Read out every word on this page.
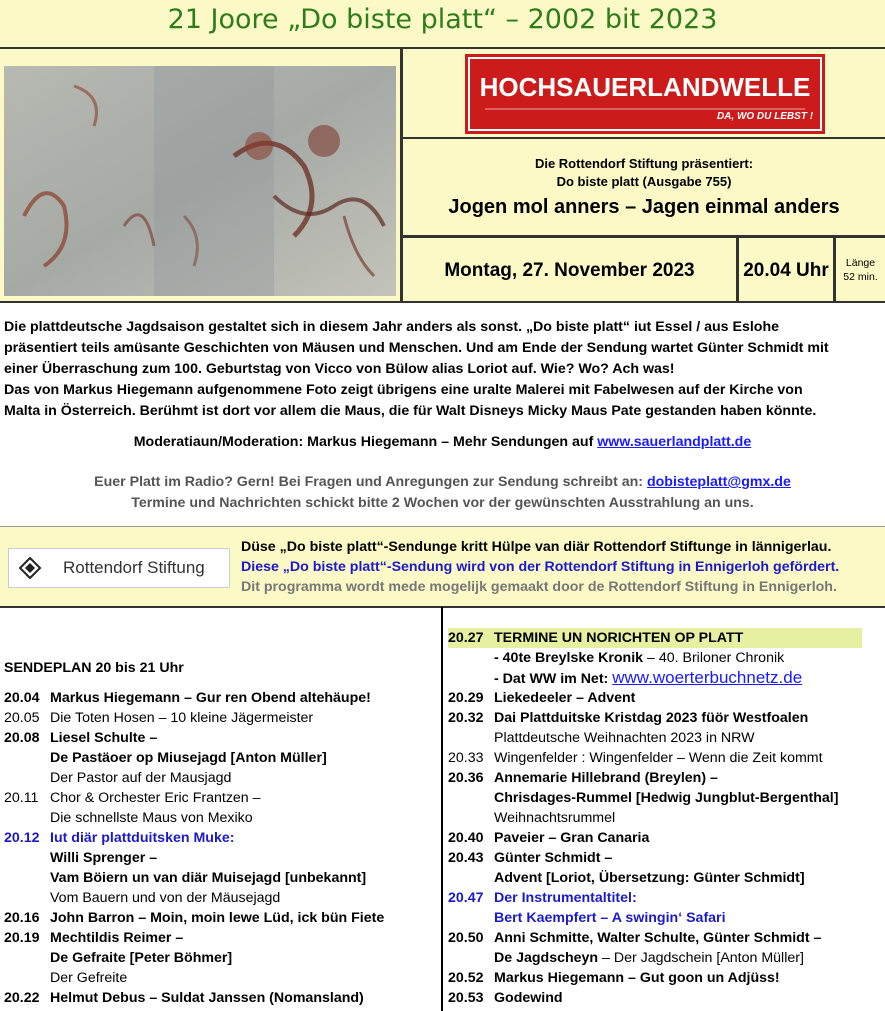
21 Joore „Do biste platt“ – 2002 bit 2023
HOCHSAUERLANDWELLE
DA, WO DU LEBST !
Die Rottendorf Stiftung präsentiert:
Do biste platt (Ausgabe 755)
Jogen mol anners – Jagen einmal anders
Montag, 27. November 2023	20.04 Uhr	Länge
52 min.
Die plattdeutsche Jagdsaison gestaltet sich in diesem Jahr anders als sonst. „Do biste platt“ iut Essel / aus Eslohe
präsentiert teils amüsante Geschichten von Mäusen und Menschen. Und am Ende der Sendung wartet Günter Schmidt mit
einer Überraschung zum 100. Geburtstag von Vicco von Bülow alias Loriot auf. Wie? Wo? Ach was!
Das von Markus Hiegemann aufgenommene Foto zeigt übrigens eine uralte Malerei mit Fabelwesen auf der Kirche von
Malta in Österreich. Berühmt ist dort vor allem die Maus, die für Walt Disneys Micky Maus Pate gestanden haben könnte.
Moderatiaun/Moderation: Markus Hiegemann – Mehr Sendungen auf www.sauerlandplatt.de
Euer Platt im Radio? Gern! Bei Fragen und Anregungen zur Sendung schreibt an: dobisteplatt@gmx.de
Termine und Nachrichten schickt bitte 2 Wochen vor der gewünschten Ausstrahlung an uns.
Rottendorf Stiftung
Düse „Do biste platt“-Sendunge kritt Hülpe van diär Rottendorf Stiftunge in lännigerlau.
Diese „Do biste platt“-Sendung wird von der Rottendorf Stiftung in Ennigerloh gefördert.
Dit programma wordt mede mogelijk gemaakt door de Rottendorf Stiftung in Ennigerloh.
SENDEPLAN 20 bis 21 Uhr
20.04 Markus Hiegemann – Gur ren Obend altehäupe!
20.05 Die Toten Hosen – 10 kleine Jägermeister
20.08 Liesel Schulte –
De Pastäoer op Miusejagd [Anton Müller]
Der Pastor auf der Mausjagd
20.11 Chor & Orchester Eric Frantzen –
Die schnellste Maus von Mexiko
20.12 Iut diär plattduitsken Muke:
Willi Sprenger –
Vam Böiern un van diär Muisejagd [unbekannt]
Vom Bauern und von der Mäusejagd
20.16 John Barron – Moin, moin lewe Lüd, ick bün Fiete
20.19 Mechtildis Reimer –
De Gefraite [Peter Böhmer]
Der Gefreite
20.22 Helmut Debus – Suldat Janssen (Nomansland)
20.27 TERMINE UN NORICHTEN OP PLATT
- 40te Breylske Kronik – 40. Briloner Chronik
- Dat WW im Net: www.woerterbuchnetz.de
20.29 Liekedeeler – Advent
20.32 Dai Plattduitske Kristdag 2023 füör Westfoalen
Plattdeutsche Weihnachten 2023 in NRW
20.33 Wingenfelder : Wingenfelder – Wenn die Zeit kommt
20.36 Annemarie Hillebrand (Breylen) –
Chrisdages-Rummel [Hedwig Jungblut-Bergenthal]
Weihnachtsrummel
20.40 Paveier – Gran Canaria
20.43 Günter Schmidt –
Advent [Loriot, Übersetzung: Günter Schmidt]
20.47 Der Instrumentaltitel:
Bert Kaempfert – A swingin‘ Safari
20.50 Anni Schmitte, Walter Schulte, Günter Schmidt –
De Jagdscheyn – Der Jagdschein [Anton Müller]
20.52 Markus Hiegemann – Gut goon un Adjüss!
20.53 Godewind
